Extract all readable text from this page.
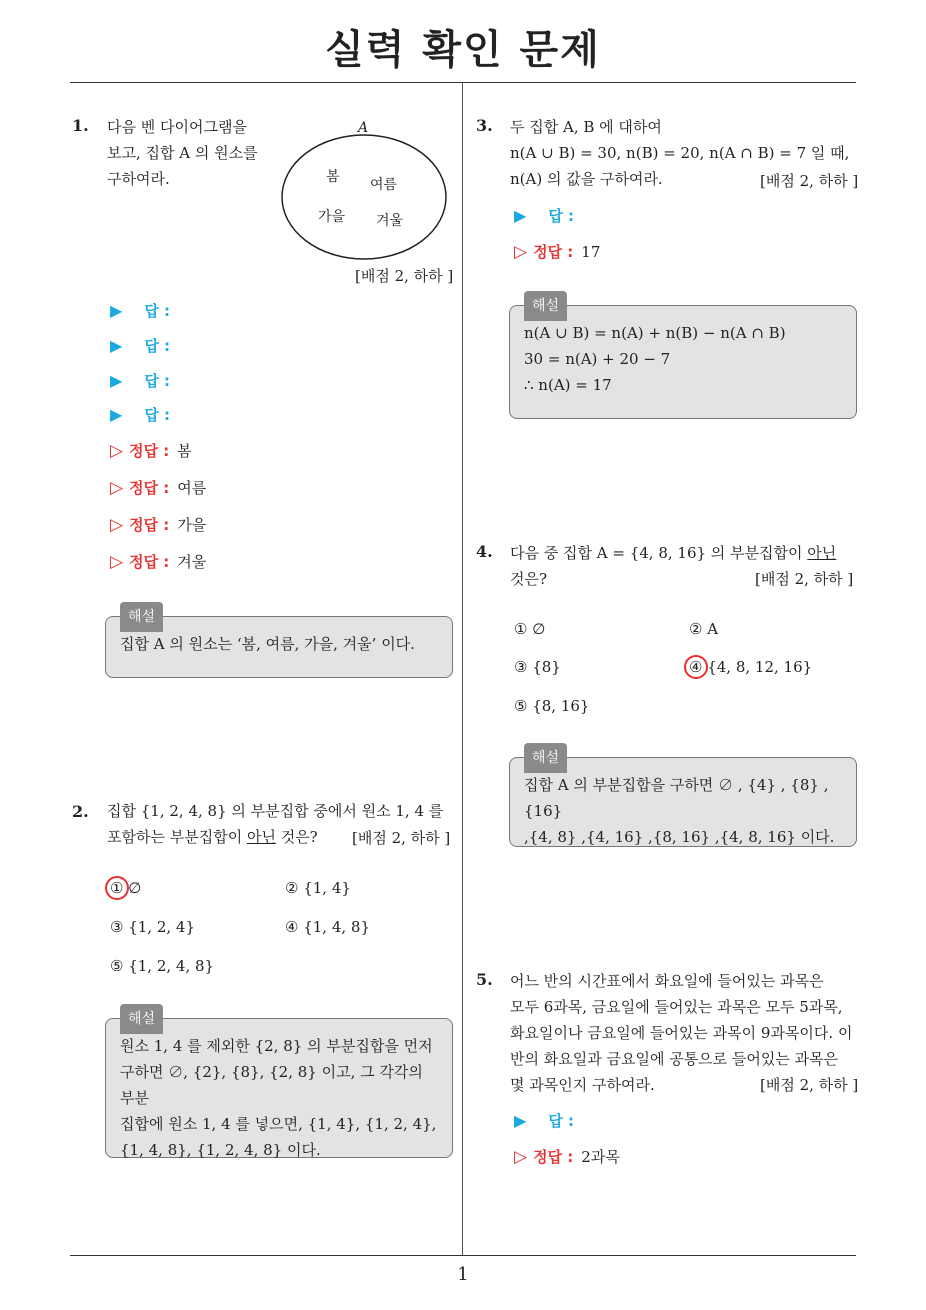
실력 확인 문제
1. 다음 벤 다이어그램을
보고, 집합 A 의 원소를
구하여라.
A
봄 여름
가을 겨울
[배점 2, 하하 ]
▶ 답 :
▶ 답 :
▶ 답 :
▶ 답 :
▷ 정답 : 봄
▷ 정답 : 여름
▷ 정답 : 가을
▷ 정답 : 겨울
해설
집합 A 의 원소는 ‘봄, 여름, 가을, 겨울’ 이다.
2. 집합 {1, 2, 4, 8} 의 부분집합 중에서 원소 1, 4 를
포함하는 부분집합이 아닌 것은?	[배점 2, 하하 ]
① ∅	② {1, 4}
③ {1, 2, 4}	④ {1, 4, 8}
⑤ {1, 2, 4, 8}
해설
원소 1, 4 를 제외한 {2, 8} 의 부분집합을 먼저
구하면 ∅, {2}, {8}, {2, 8} 이고, 그 각각의 부분
집합에 원소 1, 4 를 넣으면, {1, 4}, {1, 2, 4},
{1, 4, 8}, {1, 2, 4, 8} 이다.
3. 두 집합 A, B 에 대하여
n(A ∪ B) = 30, n(B) = 20, n(A ∩ B) = 7 일 때,
n(A) 의 값을 구하여라.	[배점 2, 하하 ]
▶ 답 :
▷ 정답 : 17
해설
n(A ∪ B) = n(A) + n(B) − n(A ∩ B)
30 = n(A) + 20 − 7
∴ n(A) = 17
4. 다음 중 집합 A = {4, 8, 16} 의 부분집합이 아닌
것은?	[배점 2, 하하 ]
① ∅	② A
③ {8}	④ {4, 8, 12, 16}
⑤ {8, 16}
해설
집합 A 의 부분집합을 구하면 ∅ , {4} , {8} ,{16}
,{4, 8} ,{4, 16} ,{8, 16} ,{4, 8, 16} 이다.
5. 어느 반의 시간표에서 화요일에 들어있는 과목은
모두 6과목, 금요일에 들어있는 과목은 모두 5과목,
화요일이나 금요일에 들어있는 과목이 9과목이다. 이
반의 화요일과 금요일에 공통으로 들어있는 과목은
몇 과목인지 구하여라.	[배점 2, 하하 ]
▶ 답 :
▷ 정답 : 2과목
1
